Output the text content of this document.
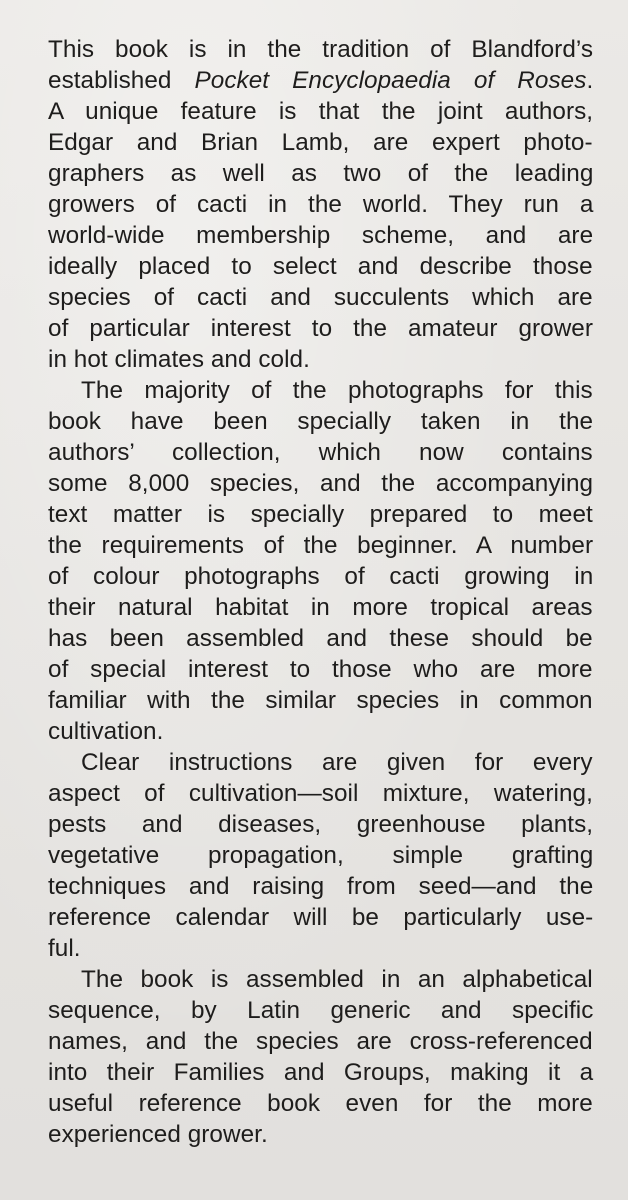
This book is in the tradition of Blandford’s
established Pocket Encyclopaedia of Roses.
A unique feature is that the joint authors,
Edgar and Brian Lamb, are expert photo-
graphers as well as two of the leading
growers of cacti in the world. They run a
world-wide membership scheme, and are
ideally placed to select and describe those
species of cacti and succulents which are
of particular interest to the amateur grower
in hot climates and cold.

The majority of the photographs for this
book have been specially taken in the
authors’ collection, which now contains
some 8,000 species, and the accompanying
text matter is specially prepared to meet
the requirements of the beginner. A number
of colour photographs of cacti growing in
their natural habitat in more tropical areas
has been assembled and these should be
of special interest to those who are more
familiar with the similar species in common
cultivation.

Clear instructions are given for every
aspect of cultivation—soil mixture, watering,
pests and diseases, greenhouse plants,
vegetative propagation, simple grafting
techniques and raising from seed—and the
reference calendar will be particularly use-
ful.

The book is assembled in an alphabetical
sequence, by Latin generic and specific
names, and the species are cross-referenced
into their Families and Groups, making it a
useful reference book even for the more
experienced grower.
